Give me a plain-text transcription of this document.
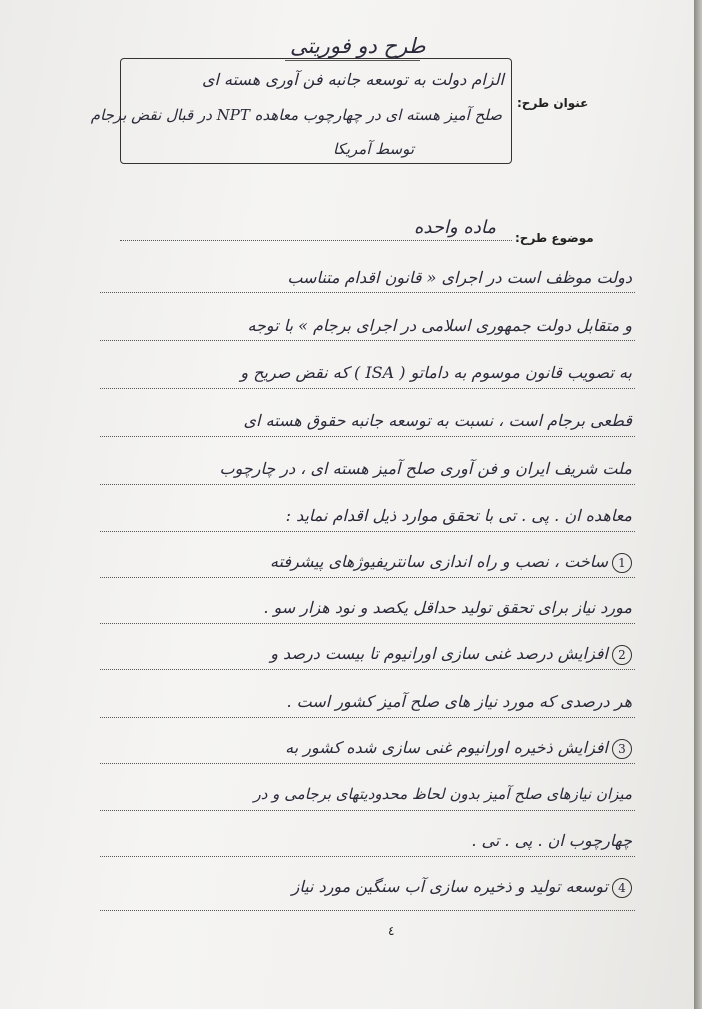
طرح دو فوریتی
عنوان طرح:
الزام دولت به توسعه جانبه فن آوری هسته ای
صلح آمیز هسته ای در چهارچوب معاهده NPT در قبال نقض برجام
توسط آمریکا
موضوع طرح:
ماده واحده
دولت موظف است در اجرای « قانون اقدام متناسب
و متقابل دولت جمهوری اسلامی در اجرای برجام » با توجه
به تصویب قانون موسوم به داماتو ( ISA ) که نقض صریح و
قطعی برجام است ، نسبت به توسعه جانبه حقوق هسته ای
ملت شریف ایران و فن آوری صلح آمیز هسته ای ، در چارچوب
معاهده ان . پی . تی با تحقق موارد ذیل اقدام نماید :
1ساخت ، نصب و راه اندازی سانتریفیوژهای پیشرفته
مورد نیاز برای تحقق تولید حداقل یکصد و نود هزار سو .
2افزایش درصد غنی سازی اورانیوم تا بیست درصد و
هر درصدی که مورد نیاز های صلح آمیز کشور است .
3افزایش ذخیره اورانیوم غنی سازی شده کشور به
میزان نیازهای صلح آمیز بدون لحاظ محدودیتهای برجامی و در
چهارچوب ان . پی . تی .
4توسعه تولید و ذخیره سازی آب سنگین مورد نیاز
٤
